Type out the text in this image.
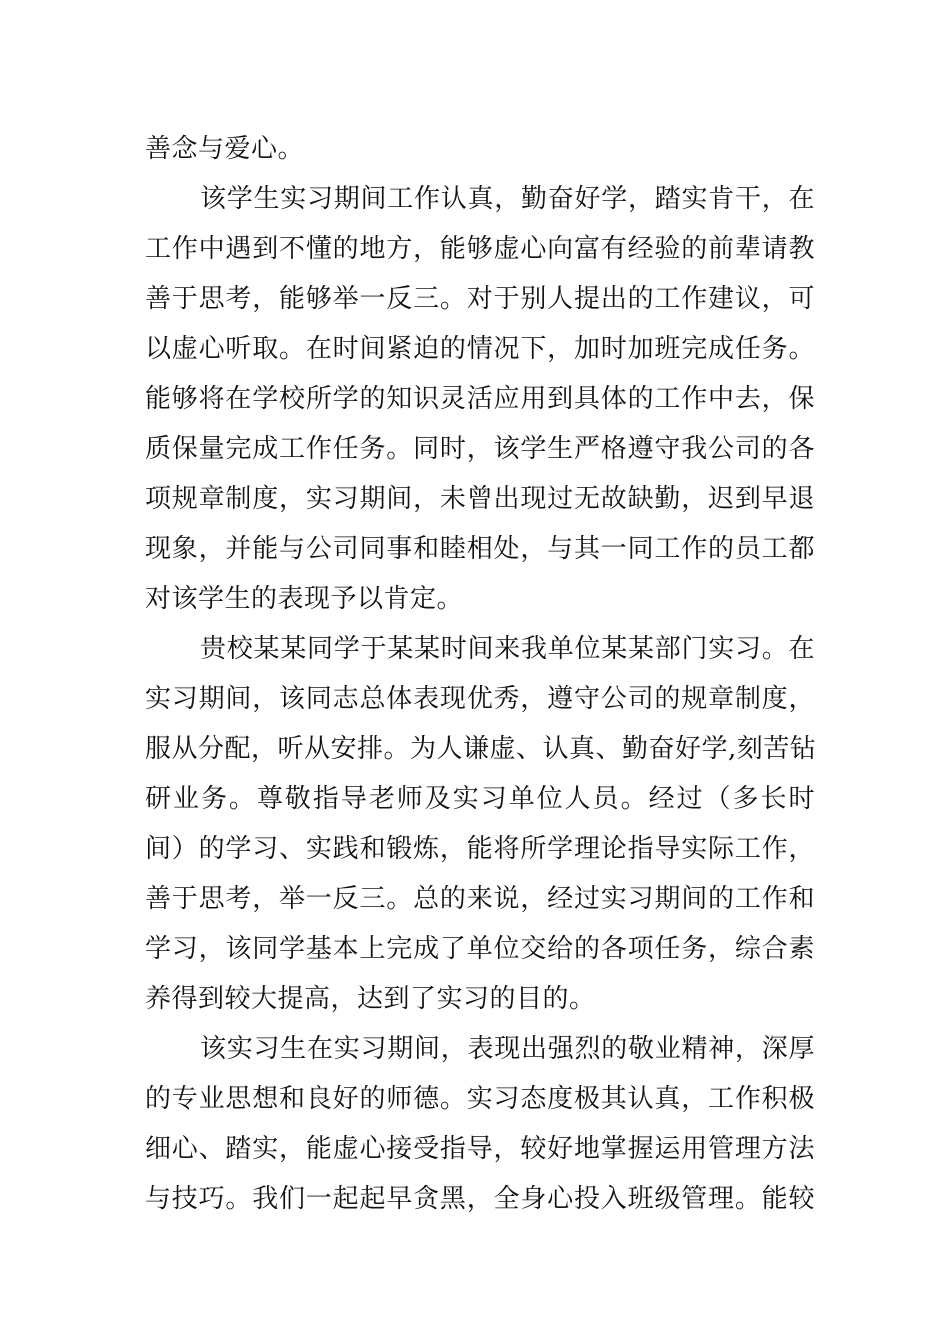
善念与爱心。
该学生实习期间工作认真，勤奋好学，踏实肯干，在
工作中遇到不懂的地方，能够虚心向富有经验的前辈请教
善于思考，能够举一反三。对于别人提出的工作建议，可
以虚心听取。在时间紧迫的情况下，加时加班完成任务。
能够将在学校所学的知识灵活应用到具体的工作中去，保
质保量完成工作任务。同时，该学生严格遵守我公司的各
项规章制度，实习期间，未曾出现过无故缺勤，迟到早退
现象，并能与公司同事和睦相处，与其一同工作的员工都
对该学生的表现予以肯定。
贵校某某同学于某某时间来我单位某某部门实习。在
实习期间，该同志总体表现优秀，遵守公司的规章制度，
服从分配，听从安排。为人谦虚、认真、勤奋好学,刻苦钻
研业务。尊敬指导老师及实习单位人员。经过（多长时
间）的学习、实践和锻炼，能将所学理论指导实际工作，
善于思考，举一反三。总的来说，经过实习期间的工作和
学习，该同学基本上完成了单位交给的各项任务，综合素
养得到较大提高，达到了实习的目的。
该实习生在实习期间，表现出强烈的敬业精神，深厚
的专业思想和良好的师德。实习态度极其认真，工作积极
细心、踏实，能虚心接受指导，较好地掌握运用管理方法
与技巧。我们一起起早贪黑，全身心投入班级管理。能较
